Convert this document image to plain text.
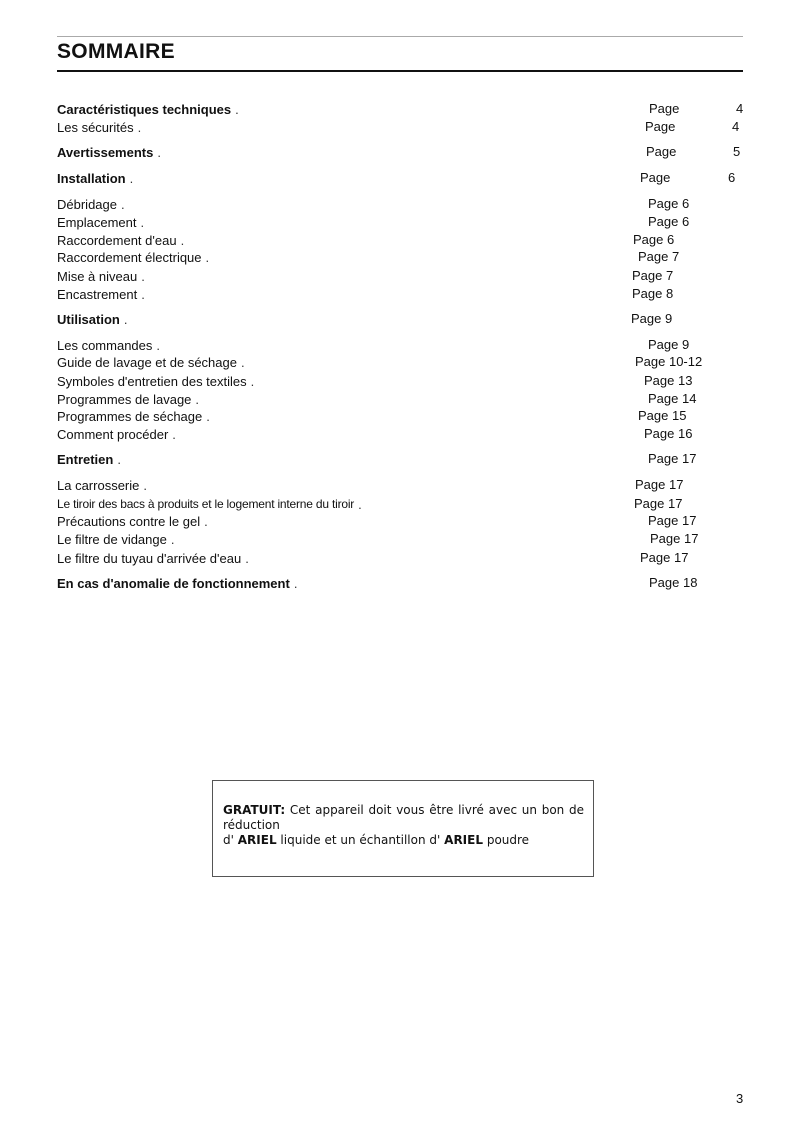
SOMMAIRE
Caractéristiques techniques .	Page	4
Les sécurités .	Page	4
Avertissements .	Page	5
Installation .	Page	6
Débridage .	Page 6
Emplacement .	Page 6
Raccordement d'eau .	Page 6
Raccordement électrique .	Page 7
Mise à niveau .	Page 7
Encastrement .	Page 8
Utilisation .	Page 9
Les commandes .	Page 9
Guide de lavage et de séchage .	Page 10-12
Symboles d'entretien des textiles .	Page 13
Programmes de lavage .	Page 14
Programmes de séchage .	Page 15
Comment procéder .	Page 16
Entretien .	Page 17
La carrosserie .	Page 17
Le tiroir des bacs à produits et le logement interne du tiroir .	Page 17
Précautions contre le gel .	Page 17
Le filtre de vidange .	Page 17
Le filtre du tuyau d'arrivée d'eau .	Page 17
En cas d'anomalie de fonctionnement .	Page 18
GRATUIT: Cet appareil doit vous être livré avec un bon de
réduction
d' ARIEL liquide et un échantillon d' ARIEL poudre
3
